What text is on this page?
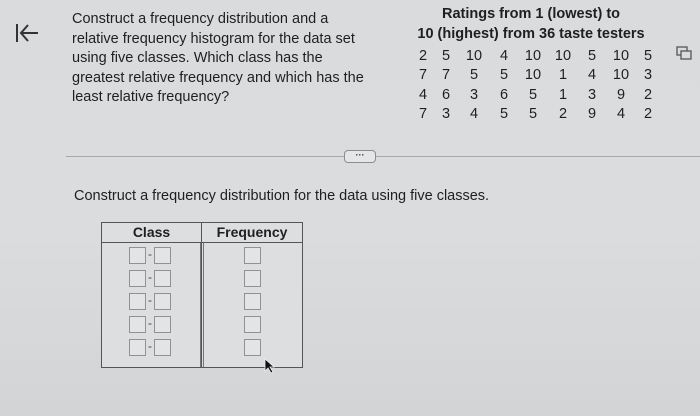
Construct a frequency distribution and a
relative frequency histogram for the data set
using five classes. Which class has the
greatest relative frequency and which has the
least relative frequency?
Ratings from 1 (lowest) to
10 (highest) from 36 taste testers
2	5	10	4	10	10	5	10	5
7	7	5	5	10	1	4	10	3
4	6	3	6	5	1	3	9	2
7	3	4	5	5	2	9	4	2
···
Construct a frequency distribution for the data using five classes.
Class	Frequency
-
-
-
-
-
